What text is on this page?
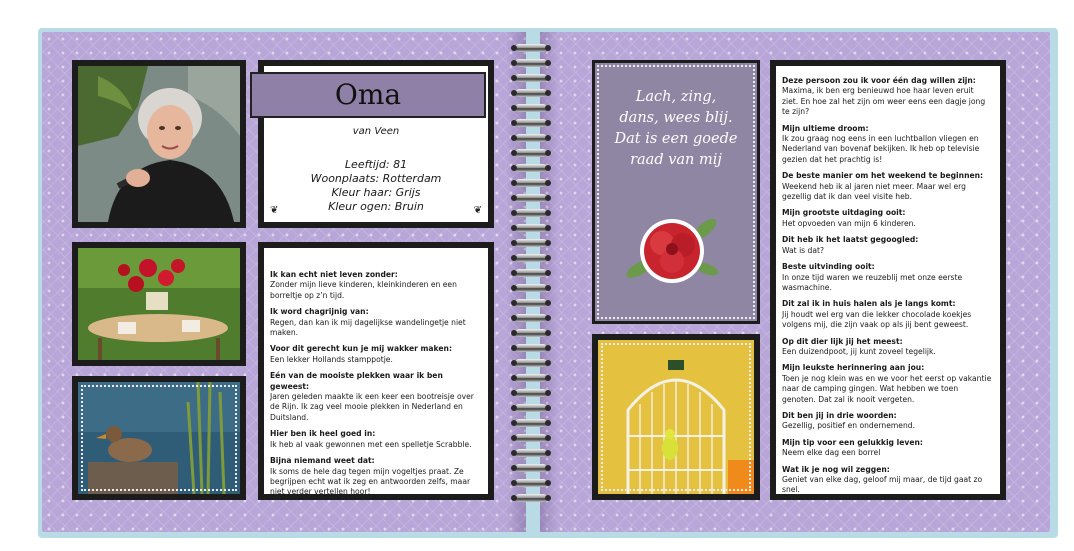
Oma
van Veen
Leeftijd: 81
Woonplaats: Rotterdam
Kleur haar: Grijs
Kleur ogen: Bruin
❦	❦
Ik kan echt niet leven zonder:
Zonder mijn lieve kinderen, kleinkinderen en een borreltje op z’n tijd.
Ik word chagrijnig van:
Regen, dan kan ik mij dagelijkse wandelingetje niet maken.
Voor dit gerecht kun je mij wakker maken:
Een lekker Hollands stamppotje.
Eén van de mooiste plekken waar ik ben geweest:
Jaren geleden maakte ik een keer een bootreisje over de Rijn. Ik zag veel mooie plekken in Nederland en Duitsland.
Hier ben ik heel goed in:
Ik heb al vaak gewonnen met een spelletje Scrabble.
Bijna niemand weet dat:
Ik soms de hele dag tegen mijn vogeltjes praat. Ze begrijpen echt wat ik zeg en antwoorden zelfs, maar niet verder vertellen hoor!
Lach, zing,
dans, wees blij.
Dat is een goede
raad van mij
Deze persoon zou ik voor één dag willen zijn:
Maxima, ik ben erg benieuwd hoe haar leven eruit ziet. En hoe zal het zijn om weer eens een dagje jong te zijn?
Mijn ultieme droom:
Ik zou graag nog eens in een luchtballon vliegen en Nederland van bovenaf bekijken. Ik heb op televisie gezien dat het prachtig is!
De beste manier om het weekend te beginnen:
Weekend heb ik al jaren niet meer. Maar wel erg gezellig dat ik dan veel visite heb.
Mijn grootste uitdaging ooit:
Het opvoeden van mijn 6 kinderen.
Dit heb ik het laatst gegoogled:
Wat is dat?
Beste uitvinding ooit:
In onze tijd waren we reuzeblij met onze eerste wasmachine.
Dit zal ik in huis halen als je langs komt:
Jij houdt wel erg van die lekker chocolade koekjes volgens mij, die zijn vaak op als jij bent geweest.
Op dit dier lijk jij het meest:
Een duizendpoot, jij kunt zoveel tegelijk.
Mijn leukste herinnering aan jou:
Toen je nog klein was en we voor het eerst op vakantie naar de camping gingen. Wat hebben we toen genoten. Dat zal ik nooit vergeten.
Dit ben jij in drie woorden:
Gezellig, positief en ondernemend.
Mijn tip voor een gelukkig leven:
Neem elke dag een borrel
Wat ik je nog wil zeggen:
Geniet van elke dag, geloof mij maar, de tijd gaat zo snel.
